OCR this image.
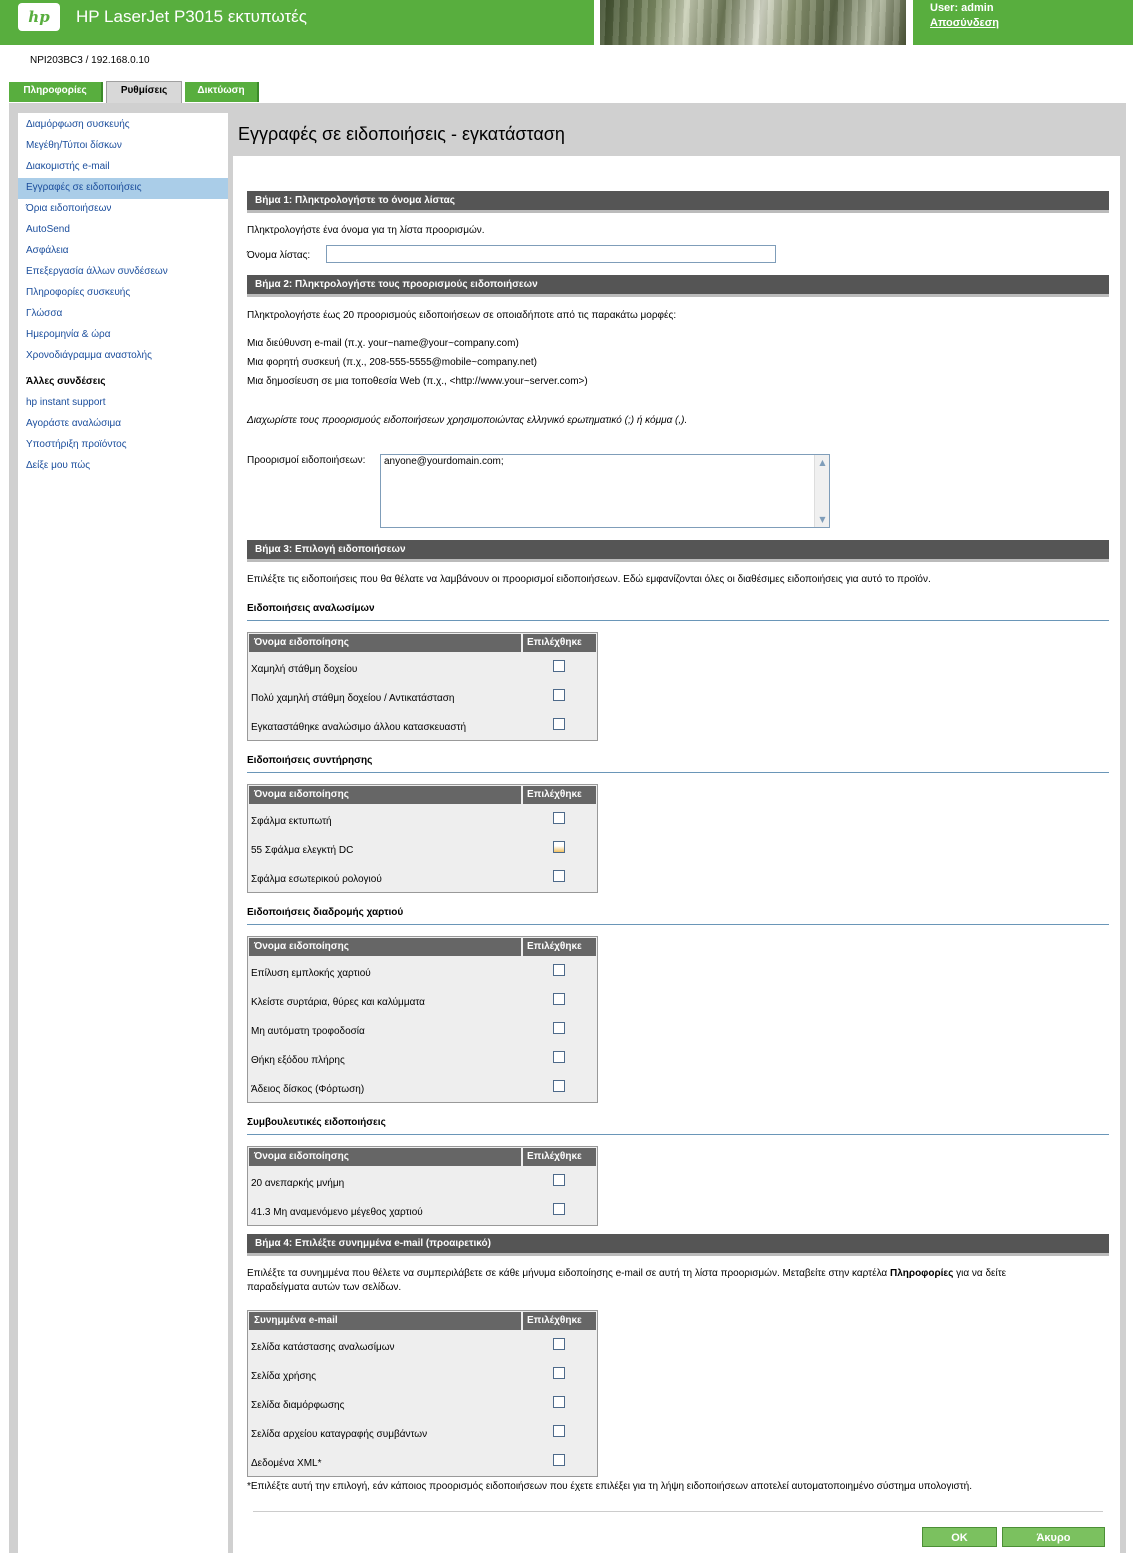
hp	HP LaserJet P3015 εκτυπωτές	User: admin
Αποσύνδεση
NPI203BC3 / 192.168.0.10
Πληροφορίες	Ρυθμίσεις	Δικτύωση
Διαμόρφωση συσκευής
Μεγέθη/Τύποι δίσκων
Διακομιστής e-mail
Εγγραφές σε ειδοποιήσεις
Όρια ειδοποιήσεων
AutoSend
Ασφάλεια
Επεξεργασία άλλων συνδέσεων
Πληροφορίες συσκευής
Γλώσσα
Ημερομηνία & ώρα
Χρονοδιάγραμμα αναστολής
Άλλες συνδέσεις
hp instant support
Αγοράστε αναλώσιμα
Υποστήριξη προϊόντος
Δείξε μου πώς
Εγγραφές σε ειδοποιήσεις - εγκατάσταση
Βήμα 1: Πληκτρολογήστε το όνομα λίστας
Πληκτρολογήστε ένα όνομα για τη λίστα προορισμών.
Όνομα λίστας:
Βήμα 2: Πληκτρολογήστε τους προορισμούς ειδοποιήσεων
Πληκτρολογήστε έως 20 προορισμούς ειδοποιήσεων σε οποιαδήποτε από τις παρακάτω μορφές:
Μια διεύθυνση e-mail (π.χ. your~name@your~company.com)
Μια φορητή συσκευή (π.χ., 208-555-5555@mobile~company.net)
Μια δημοσίευση σε μια τοποθεσία Web (π.χ., <http://www.your~server.com>)
Διαχωρίστε τους προορισμούς ειδοποιήσεων χρησιμοποιώντας ελληνικό ερωτηματικό (;) ή κόμμα (,).
Προορισμοί ειδοποιήσεων:
anyone@yourdomain.com;	▲
▼
Βήμα 3: Επιλογή ειδοποιήσεων
Επιλέξτε τις ειδοποιήσεις που θα θέλατε να λαμβάνουν οι προορισμοί ειδοποιήσεων. Εδώ εμφανίζονται όλες οι διαθέσιμες ειδοποιήσεις για αυτό το προϊόν.
Ειδοποιήσεις αναλωσίμων
Όνομα ειδοποίησης	Επιλέχθηκε
Χαμηλή στάθμη δοχείου
Πολύ χαμηλή στάθμη δοχείου / Αντικατάσταση
Εγκαταστάθηκε αναλώσιμο άλλου κατασκευαστή
Ειδοποιήσεις συντήρησης
Όνομα ειδοποίησης	Επιλέχθηκε
Σφάλμα εκτυπωτή
55 Σφάλμα ελεγκτή DC
Σφάλμα εσωτερικού ρολογιού
Ειδοποιήσεις διαδρομής χαρτιού
Όνομα ειδοποίησης	Επιλέχθηκε
Επίλυση εμπλοκής χαρτιού
Κλείστε συρτάρια, θύρες και καλύμματα
Μη αυτόματη τροφοδοσία
Θήκη εξόδου πλήρης
Άδειος δίσκος (Φόρτωση)
Συμβουλευτικές ειδοποιήσεις
Όνομα ειδοποίησης	Επιλέχθηκε
20 ανεπαρκής μνήμη
41.3 Μη αναμενόμενο μέγεθος χαρτιού
Βήμα 4: Επιλέξτε συνημμένα e-mail (προαιρετικό)
Επιλέξτε τα συνημμένα που θέλετε να συμπεριλάβετε σε κάθε μήνυμα ειδοποίησης e-mail σε αυτή τη λίστα προορισμών. Μεταβείτε στην καρτέλα Πληροφορίες για να δείτε
παραδείγματα αυτών των σελίδων.
Συνημμένα e-mail	Επιλέχθηκε
Σελίδα κατάστασης αναλωσίμων
Σελίδα χρήσης
Σελίδα διαμόρφωσης
Σελίδα αρχείου καταγραφής συμβάντων
Δεδομένα XML*
*Επιλέξτε αυτή την επιλογή, εάν κάποιος προορισμός ειδοποιήσεων που έχετε επιλέξει για τη λήψη ειδοποιήσεων αποτελεί αυτοματοποιημένο σύστημα υπολογιστή.
OK	Άκυρο
